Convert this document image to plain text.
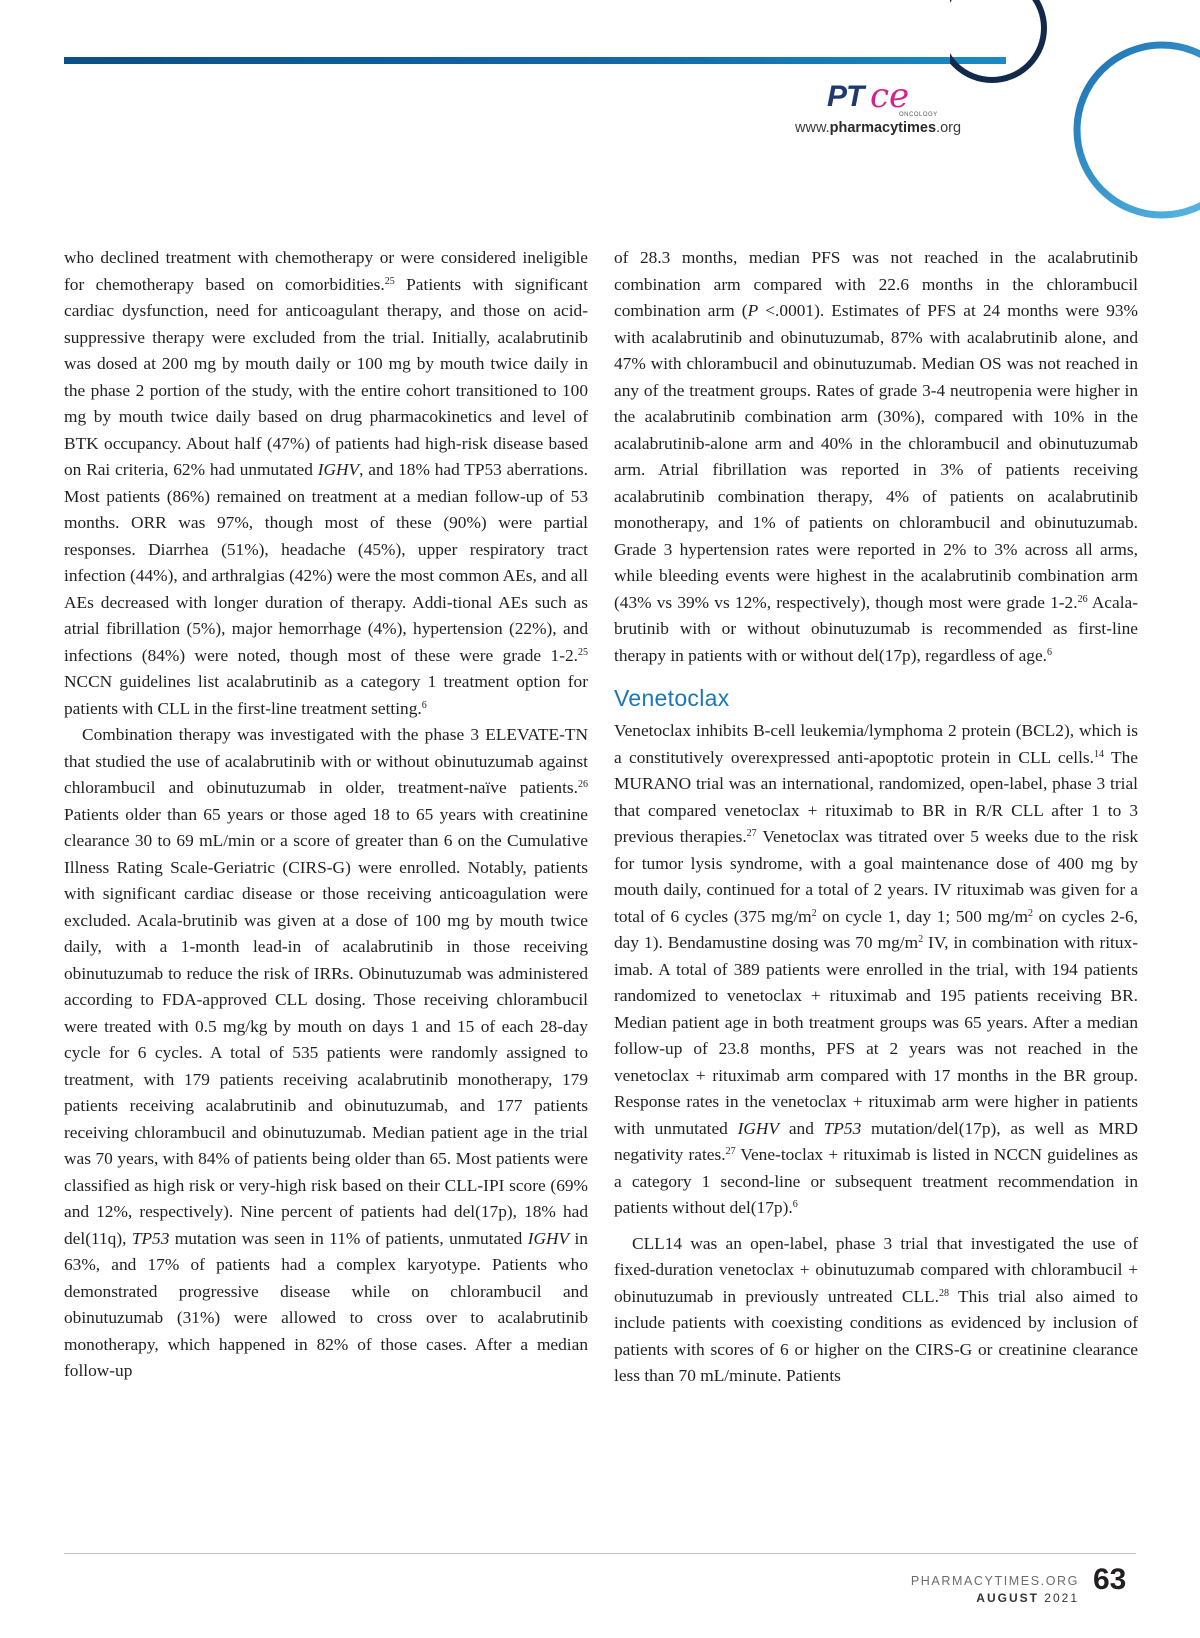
PT ce
ONCOLOGY
www.pharmacytimes.org

who declined treatment with chemotherapy or were considered ineligible for chemotherapy based on comorbidities.$^{25}$ Patients with significant cardiac dysfunction, need for anticoagulant therapy, and those on acid-suppressive therapy were excluded from the trial. Initially, acalabrutinib was dosed at 200 mg by mouth daily or 100 mg by mouth twice daily in the phase 2 portion of the study, with the entire cohort transitioned to 100 mg by mouth twice daily based on drug pharmacokinetics and level of BTK occupancy. About half (47%) of patients had high-risk disease based on Rai criteria, 62% had unmutated IGHV, and 18% had TP53 aberrations. Most patients (86%) remained on treatment at a median follow-up of 53 months. ORR was 97%, though most of these (90%) were partial responses. Diarrhea (51%), headache (45%), upper respiratory tract infection (44%), and arthralgias (42%) were the most common AEs, and all AEs decreased with longer duration of therapy. Addi-tional AEs such as atrial fibrillation (5%), major hemorrhage (4%), hypertension (22%), and infections (84%) were noted, though most of these were grade 1-2.25 NCCN guidelines list acalabrutinib as a category 1 treatment option for patients with CLL in the first-line treatment setting.$^6$

Combination therapy was investigated with the phase 3 ELEVATE-TN that studied the use of acalabrutinib with or without obinutuzumab against chlorambucil and obinutuzumab in older, treatment-naïve patients.$^{26}$ Patients older than 65 years or those aged 18 to 65 years with creatinine clearance 30 to 69 mL/min or a score of greater than 6 on the Cumulative Illness Rating Scale-Geriatric (CIRS-G) were enrolled. Notably, patients with significant cardiac disease or those receiving anticoagulation were excluded. Acala-brutinib was given at a dose of 100 mg by mouth twice daily, with a 1-month lead-in of acalabrutinib in those receiving obinutuzumab to reduce the risk of IRRs. Obinutuzumab was administered according to FDA-approved CLL dosing. Those receiving chlorambucil were treated with 0.5 mg/kg by mouth on days 1 and 15 of each 28-day cycle for 6 cycles. A total of 535 patients were randomly assigned to treatment, with 179 patients receiving acalabrutinib monotherapy, 179 patients receiving acalabrutinib and obinutuzumab, and 177 patients receiving chlorambucil and obinutuzumab. Median patient age in the trial was 70 years, with 84% of patients being older than 65. Most patients were classified as high risk or very-high risk based on their CLL-IPI score (69% and 12%, respectively). Nine percent of patients had del(17p), 18% had del(11q), TP53 mutation was seen in 11% of patients, unmutated IGHV in 63%, and 17% of patients had a complex karyotype. Patients who demonstrated progressive disease while on chlorambucil and obinutuzumab (31%) were allowed to cross over to acalabrutinib monotherapy, which happened in 82% of those cases. After a median follow-up

of 28.3 months, median PFS was not reached in the acalabrutinib combination arm compared with 22.6 months in the chlorambucil combination arm (P <.0001). Estimates of PFS at 24 months were 93% with acalabrutinib and obinutuzumab, 87% with acalabrutinib alone, and 47% with chlorambucil and obinutuzumab. Median OS was not reached in any of the treatment groups. Rates of grade 3-4 neutropenia were higher in the acalabrutinib combination arm (30%), compared with 10% in the acalabrutinib-alone arm and 40% in the chlorambucil and obinutuzumab arm. Atrial fibrillation was reported in 3% of patients receiving acalabrutinib combination therapy, 4% of patients on acalabrutinib monotherapy, and 1% of patients on chlorambucil and obinutuzumab. Grade 3 hypertension rates were reported in 2% to 3% across all arms, while bleeding events were highest in the acalabrutinib combination arm (43% vs 39% vs 12%, respectively), though most were grade 1-2.26 Acala-brutinib with or without obinutuzumab is recommended as first-line therapy in patients with or without del(17p), regardless of age.$^6$

Venetoclax

Venetoclax inhibits B-cell leukemia/lymphoma 2 protein (BCL2), which is a constitutively overexpressed anti-apoptotic protein in CLL cells.$^{14}$ The MURANO trial was an international, randomized, open-label, phase 3 trial that compared venetoclax + rituximab to BR in R/R CLL after 1 to 3 previous therapies.$^{27}$ Venetoclax was titrated over 5 weeks due to the risk for tumor lysis syndrome, with a goal maintenance dose of 400 mg by mouth daily, continued for a total of 2 years. IV rituximab was given for a total of 6 cycles (375 $mg/m^2$ on cycle 1, day 1; 500 $mg/m^2$ on cycles 2-6, day 1). Bendamustine dosing was 70 $mg/m^2$ IV, in combination with ritux-imab. A total of 389 patients were enrolled in the trial, with 194 patients randomized to venetoclax + rituximab and 195 patients receiving BR. Median patient age in both treatment groups was 65 years. After a median follow-up of 23.8 months, PFS at 2 years was not reached in the venetoclax + rituximab arm compared with 17 months in the BR group. Response rates in the venetoclax + rituximab arm were higher in patients with unmutated IGHV and TP53 mutation/del(17p), as well as MRD negativity rates.$^{27}$ Vene-toclax + rituximab is listed in NCCN guidelines as a category 1 second-line or subsequent treatment recommendation in patients without del(17p).$^6$

CLL14 was an open-label, phase 3 trial that investigated the use of fixed-duration venetoclax + obinutuzumab compared with chlorambucil + obinutuzumab in previously untreated CLL.$^{28}$ This trial also aimed to include patients with coexisting conditions as evidenced by inclusion of patients with scores of 6 or higher on the CIRS-G or creatinine clearance less than 70 mL/minute. Patients

PHARMACYTIMES.ORG
AUGUST 2021
63
